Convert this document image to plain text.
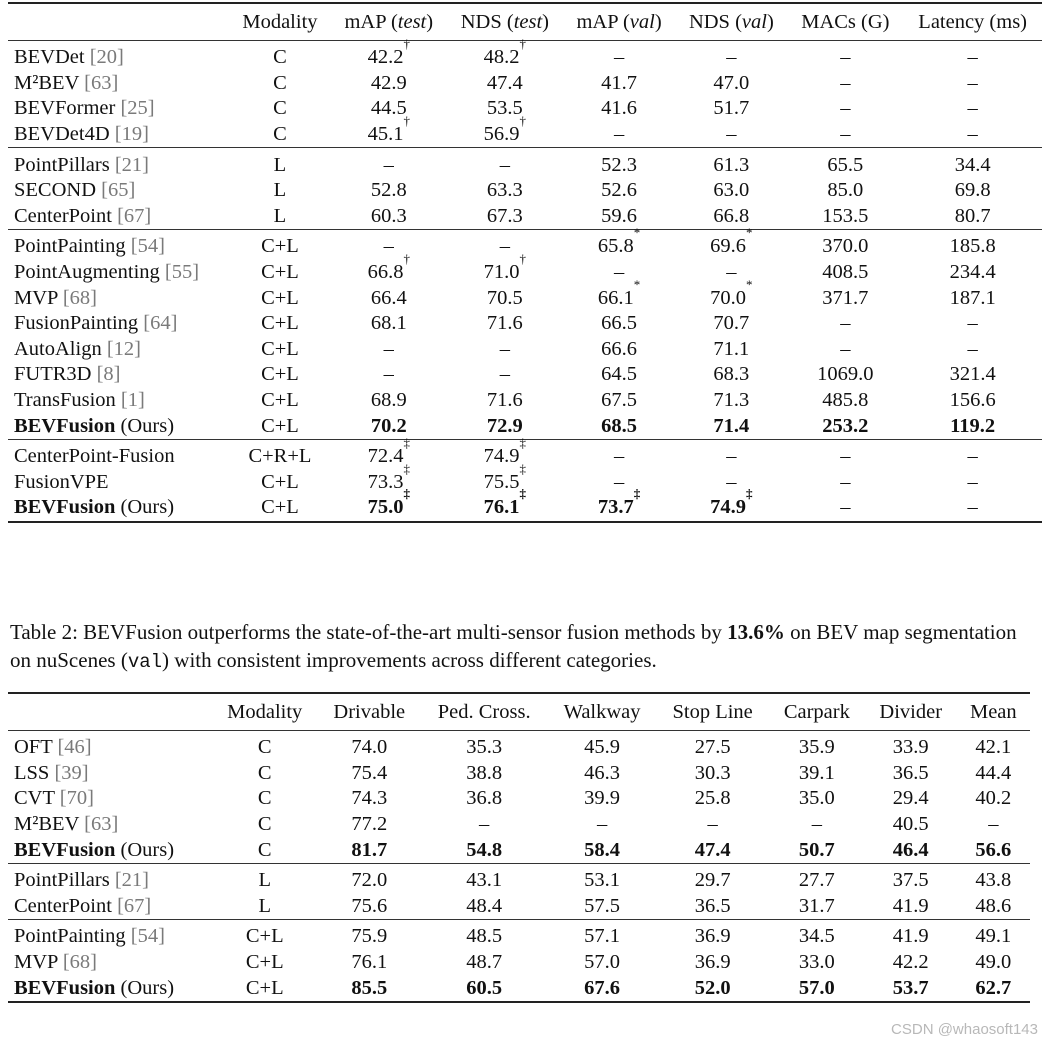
	Modality	mAP (test)	NDS (test)	mAP (val)	NDS (val)	MACs (G)	Latency (ms)
BEVDet [20]	C	42.2†	48.2†	–	–	–	–
M²BEV [63]	C	42.9	47.4	41.7	47.0	–	–
BEVFormer [25]	C	44.5	53.5	41.6	51.7	–	–
BEVDet4D [19]	C	45.1†	56.9†	–	–	–	–
PointPillars [21]	L	–	–	52.3	61.3	65.5	34.4
SECOND [65]	L	52.8	63.3	52.6	63.0	85.0	69.8
CenterPoint [67]	L	60.3	67.3	59.6	66.8	153.5	80.7
PointPainting [54]	C+L	–	–	65.8*	69.6*	370.0	185.8
PointAugmenting [55]	C+L	66.8†	71.0†	–	–	408.5	234.4
MVP [68]	C+L	66.4	70.5	66.1*	70.0*	371.7	187.1
FusionPainting [64]	C+L	68.1	71.6	66.5	70.7	–	–
AutoAlign [12]	C+L	–	–	66.6	71.1	–	–
FUTR3D [8]	C+L	–	–	64.5	68.3	1069.0	321.4
TransFusion [1]	C+L	68.9	71.6	67.5	71.3	485.8	156.6
BEVFusion (Ours)	C+L	70.2	72.9	68.5	71.4	253.2	119.2
CenterPoint-Fusion	C+R+L	72.4‡	74.9‡	–	–	–	–
FusionVPE	C+L	73.3‡	75.5‡	–	–	–	–
BEVFusion (Ours)	C+L	75.0‡	76.1‡	73.7‡	74.9‡	–	–
Table 2: BEVFusion outperforms the state-of-the-art multi-sensor fusion methods by 13.6% on BEV map segmentation on nuScenes (val) with consistent improvements across different categories.
	Modality	Drivable	Ped. Cross.	Walkway	Stop Line	Carpark	Divider	Mean
OFT [46]	C	74.0	35.3	45.9	27.5	35.9	33.9	42.1
LSS [39]	C	75.4	38.8	46.3	30.3	39.1	36.5	44.4
CVT [70]	C	74.3	36.8	39.9	25.8	35.0	29.4	40.2
M²BEV [63]	C	77.2	–	–	–	–	40.5	–
BEVFusion (Ours)	C	81.7	54.8	58.4	47.4	50.7	46.4	56.6
PointPillars [21]	L	72.0	43.1	53.1	29.7	27.7	37.5	43.8
CenterPoint [67]	L	75.6	48.4	57.5	36.5	31.7	41.9	48.6
PointPainting [54]	C+L	75.9	48.5	57.1	36.9	34.5	41.9	49.1
MVP [68]	C+L	76.1	48.7	57.0	36.9	33.0	42.2	49.0
BEVFusion (Ours)	C+L	85.5	60.5	67.6	52.0	57.0	53.7	62.7
CSDN @whaosoft143
